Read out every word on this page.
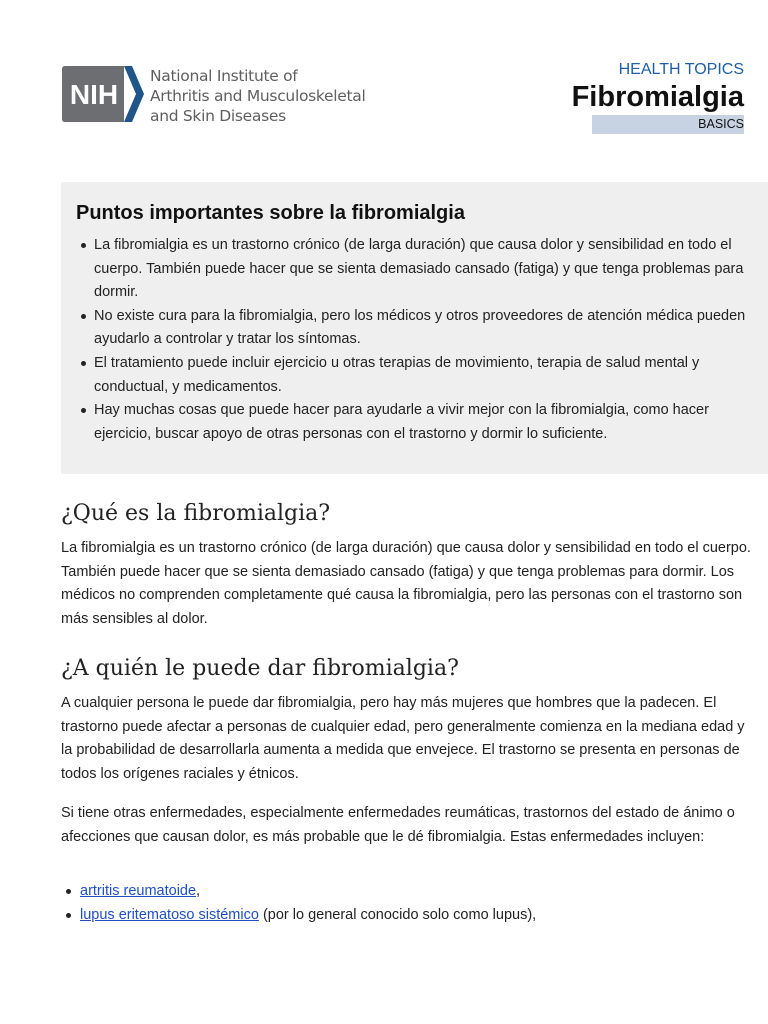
NIH
National Institute of
Arthritis and Musculoskeletal
and Skin Diseases
HEALTH TOPICS
Fibromialgia
BASICS
Puntos importantes sobre la fibromialgia
La fibromialgia es un trastorno crónico (de larga duración) que causa dolor y sensibilidad en todo el cuerpo. También puede hacer que se sienta demasiado cansado (fatiga) y que tenga problemas para dormir.
No existe cura para la fibromialgia, pero los médicos y otros proveedores de atención médica pueden ayudarlo a controlar y tratar los síntomas.
El tratamiento puede incluir ejercicio u otras terapias de movimiento, terapia de salud mental y conductual, y medicamentos.
Hay muchas cosas que puede hacer para ayudarle a vivir mejor con la fibromialgia, como hacer ejercicio, buscar apoyo de otras personas con el trastorno y dormir lo suficiente.
¿Qué es la fibromialgia?

La fibromialgia es un trastorno crónico (de larga duración) que causa dolor y sensibilidad en todo el cuerpo. También puede hacer que se sienta demasiado cansado (fatiga) y que tenga problemas para dormir. Los médicos no comprenden completamente qué causa la fibromialgia, pero las personas con el trastorno son más sensibles al dolor.

¿A quién le puede dar fibromialgia?

A cualquier persona le puede dar fibromialgia, pero hay más mujeres que hombres que la padecen. El trastorno puede afectar a personas de cualquier edad, pero generalmente comienza en la mediana edad y la probabilidad de desarrollarla aumenta a medida que envejece. El trastorno se presenta en personas de todos los orígenes raciales y étnicos.

Si tiene otras enfermedades, especialmente enfermedades reumáticas, trastornos del estado de ánimo o afecciones que causan dolor, es más probable que le dé fibromialgia. Estas enfermedades incluyen:

artritis reumatoide,
lupus eritematoso sistémico (por lo general conocido solo como lupus),
